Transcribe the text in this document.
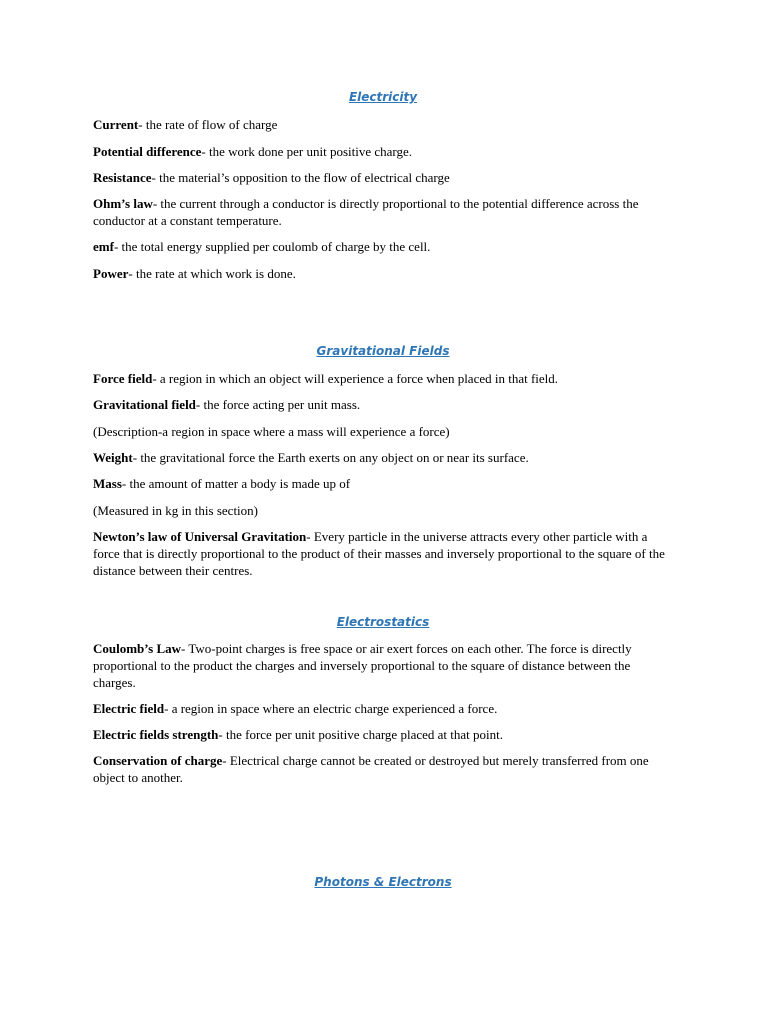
Electricity

Current- the rate of flow of charge

Potential difference- the work done per unit positive charge.

Resistance- the material’s opposition to the flow of electrical charge

Ohm’s law- the current through a conductor is directly proportional to the potential difference across the conductor at a constant temperature.

emf- the total energy supplied per coulomb of charge by the cell.

Power- the rate at which work is done.

Gravitational Fields

Force field- a region in which an object will experience a force when placed in that field.

Gravitational field- the force acting per unit mass.

(Description-a region in space where a mass will experience a force)

Weight- the gravitational force the Earth exerts on any object on or near its surface.

Mass- the amount of matter a body is made up of

(Measured in kg in this section)

Newton’s law of Universal Gravitation- Every particle in the universe attracts every other particle with a force that is directly proportional to the product of their masses and inversely proportional to the square of the distance between their centres.

Electrostatics

Coulomb’s Law- Two-point charges is free space or air exert forces on each other. The force is directly proportional to the product the charges and inversely proportional to the square of distance between the charges.

Electric field- a region in space where an electric charge experienced a force.

Electric fields strength- the force per unit positive charge placed at that point.

Conservation of charge- Electrical charge cannot be created or destroyed but merely transferred from one object to another.

Photons & Electrons
